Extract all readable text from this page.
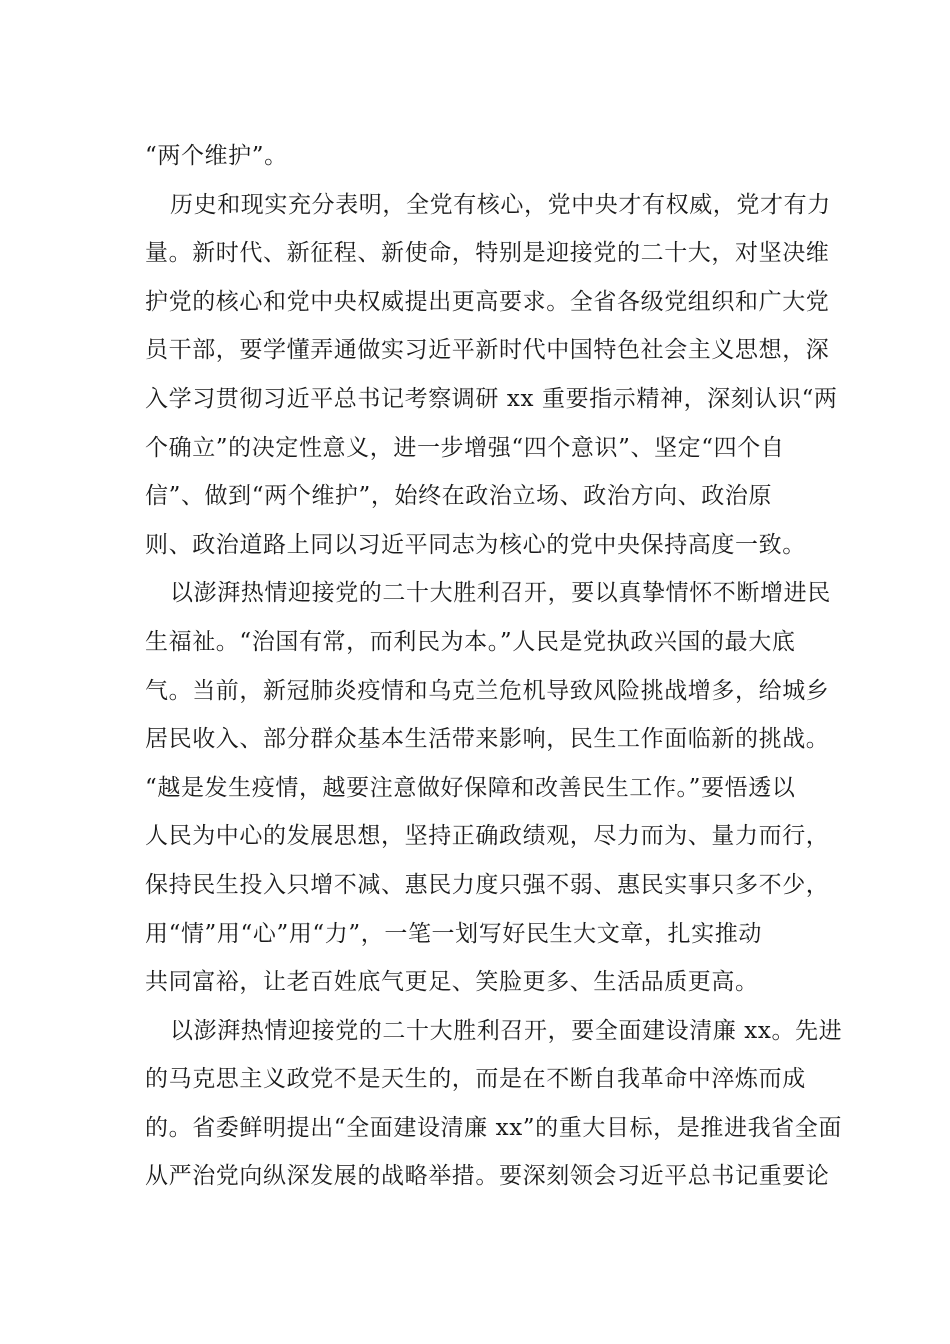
“两个维护”。
历史和现实充分表明，全党有核心，党中央才有权威，党才有力
量。新时代、新征程、新使命，特别是迎接党的二十大，对坚决维
护党的核心和党中央权威提出更高要求。全省各级党组织和广大党
员干部，要学懂弄通做实习近平新时代中国特色社会主义思想，深
入学习贯彻习近平总书记考察调研 xx 重要指示精神，深刻认识“两
个确立”的决定性意义，进一步增强“四个意识”、坚定“四个自
信”、做到“两个维护”，始终在政治立场、政治方向、政治原
则、政治道路上同以习近平同志为核心的党中央保持高度一致。
以澎湃热情迎接党的二十大胜利召开，要以真挚情怀不断增进民
生福祉。“治国有常，而利民为本。”人民是党执政兴国的最大底
气。当前，新冠肺炎疫情和乌克兰危机导致风险挑战增多，给城乡
居民收入、部分群众基本生活带来影响，民生工作面临新的挑战。
“越是发生疫情，越要注意做好保障和改善民生工作。”要悟透以
人民为中心的发展思想，坚持正确政绩观，尽力而为、量力而行，
保持民生投入只增不减、惠民力度只强不弱、惠民实事只多不少，
用“情”用“心”用“力”，一笔一划写好民生大文章，扎实推动
共同富裕，让老百姓底气更足、笑脸更多、生活品质更高。
以澎湃热情迎接党的二十大胜利召开，要全面建设清廉 xx。先进
的马克思主义政党不是天生的，而是在不断自我革命中淬炼而成
的。省委鲜明提出“全面建设清廉 xx”的重大目标，是推进我省全面
从严治党向纵深发展的战略举措。要深刻领会习近平总书记重要论
